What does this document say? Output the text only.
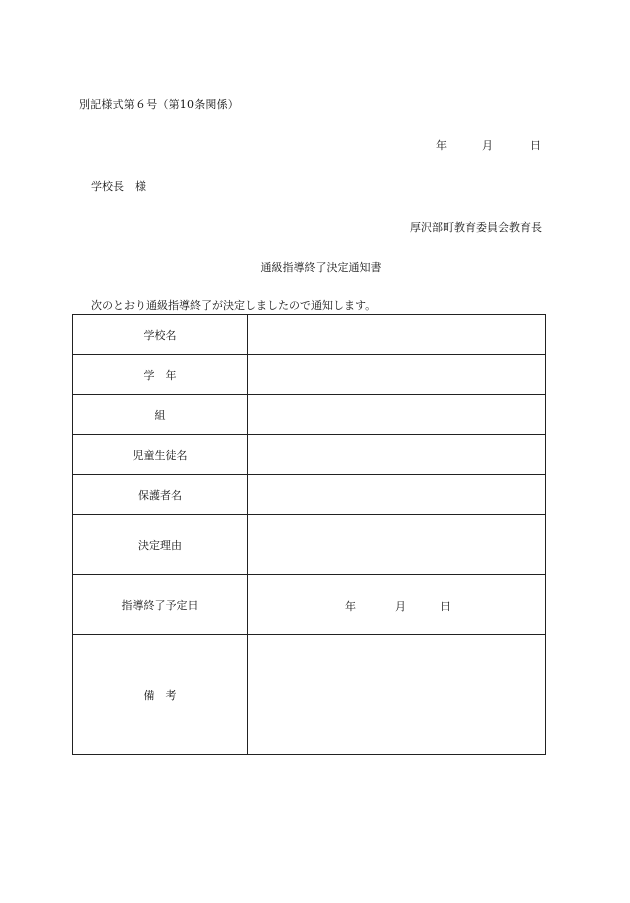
別記様式第６号（第10条関係）
年	月	日
学校長　様
厚沢部町教育委員会教育長
通級指導終了決定通知書
次のとおり通級指導終了が決定しましたので通知します。
学校名	
学　年	
組	
児童生徒名	
保護者名	
決定理由	
指導終了予定日	年 月 日

備　考	
